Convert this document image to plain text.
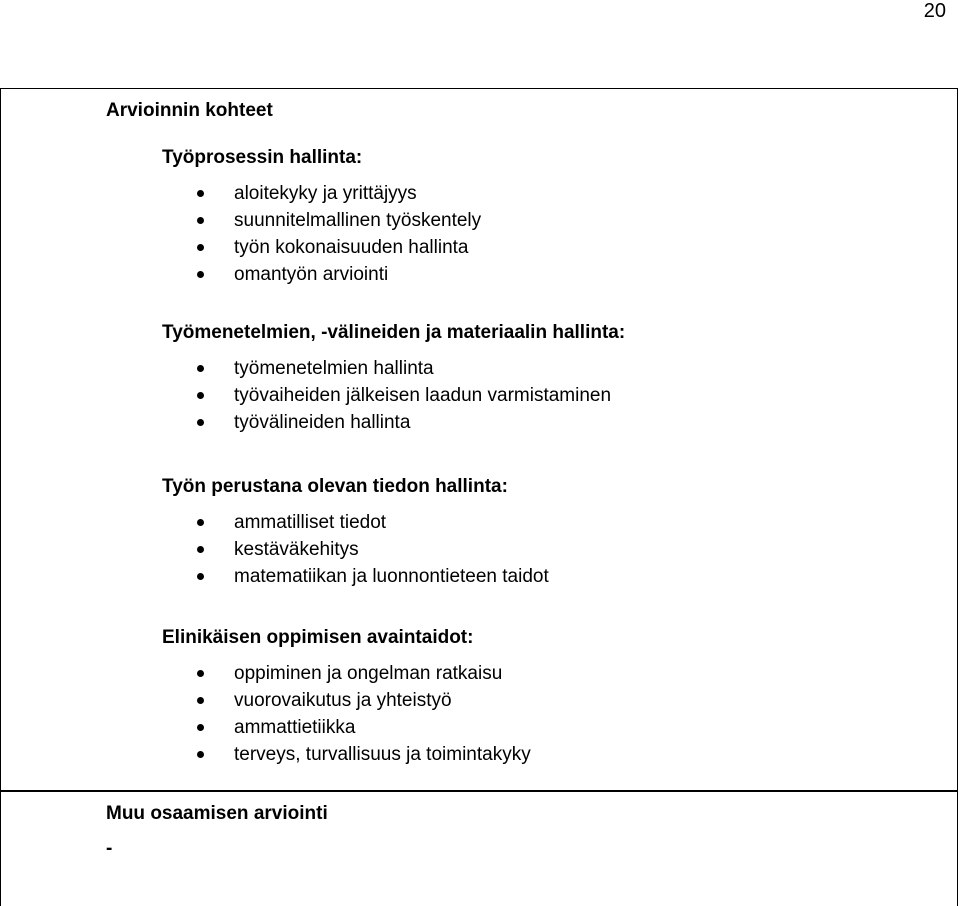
20
Arvioinnin kohteet
Työprosessin hallinta:
aloitekyky ja yrittäjyys
suunnitelmallinen työskentely
työn kokonaisuuden hallinta
omantyön arviointi
Työmenetelmien, -välineiden ja materiaalin hallinta:
työmenetelmien hallinta
työvaiheiden jälkeisen laadun varmistaminen
työvälineiden hallinta
Työn perustana olevan tiedon hallinta:
ammatilliset tiedot
kestäväkehitys
matematiikan ja luonnontieteen taidot
Elinikäisen oppimisen avaintaidot:
oppiminen ja ongelman ratkaisu
vuorovaikutus ja yhteistyö
ammattietiikka
terveys, turvallisuus ja toimintakyky
Muu osaamisen arviointi
-
